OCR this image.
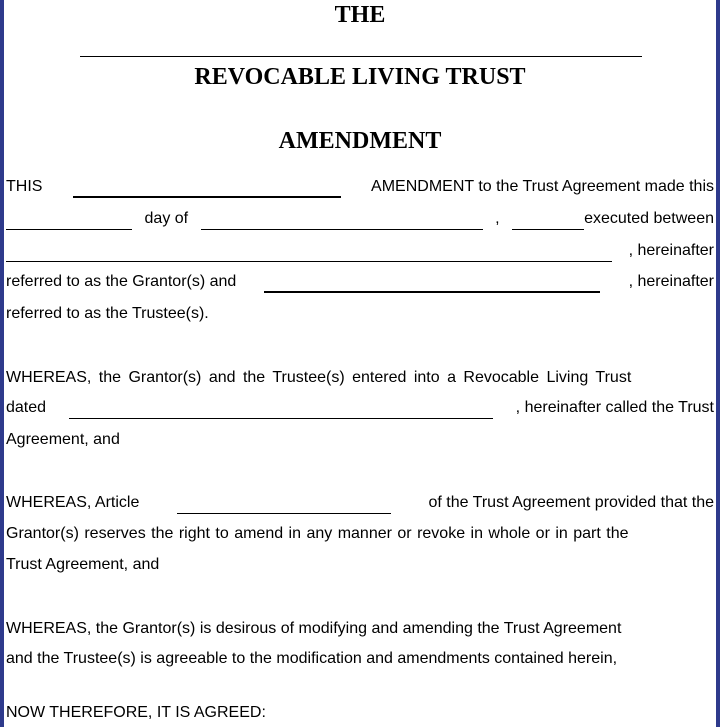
THE
REVOCABLE LIVING TRUST
AMENDMENT
THIS	AMENDMENT to the Trust Agreement made this
day of	,	executed between
, hereinafter
referred to as the Grantor(s) and	, hereinafter
referred to as the Trustee(s).
WHEREAS, the Grantor(s) and the Trustee(s) entered into a Revocable Living Trust
dated	, hereinafter called the Trust
Agreement, and
WHEREAS, Article	of the Trust Agreement provided that the
Grantor(s) reserves the right to amend in any manner or revoke in whole or in part the
Trust Agreement, and
WHEREAS, the Grantor(s) is desirous of modifying and amending the Trust Agreement
and the Trustee(s) is agreeable to the modification and amendments contained herein,
NOW THEREFORE, IT IS AGREED:
